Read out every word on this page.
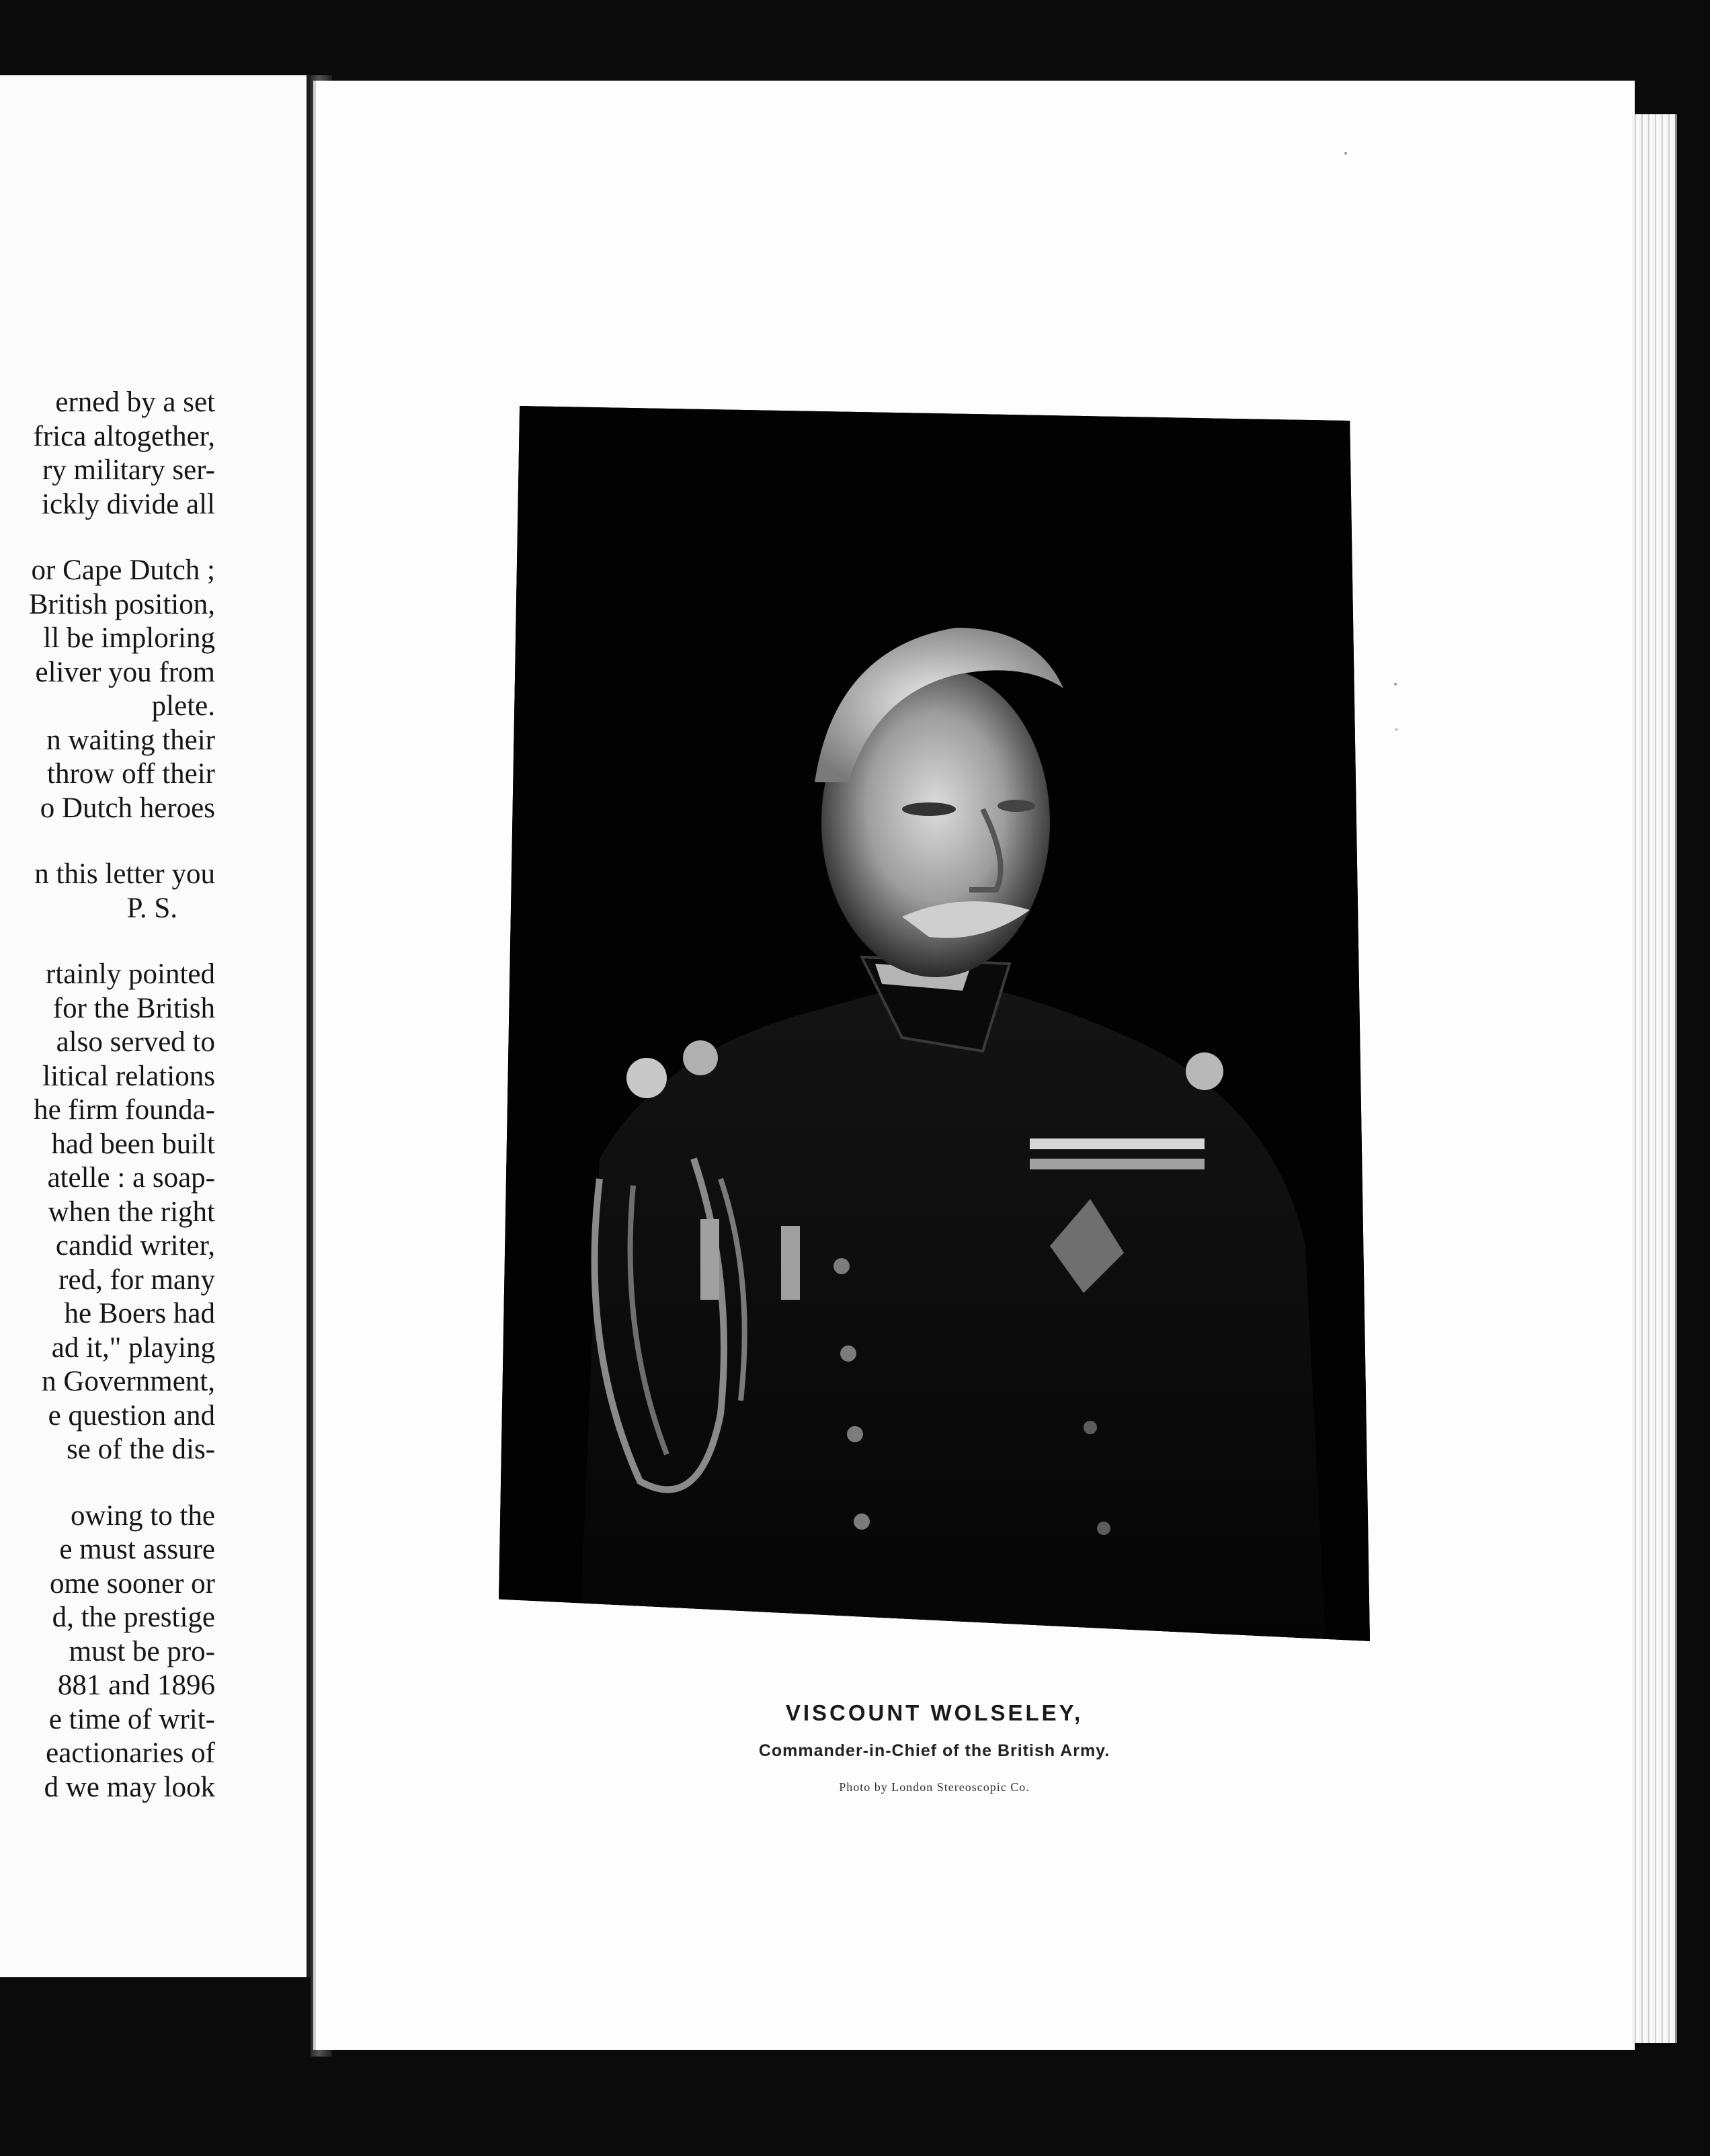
erned by a set
frica altogether,
ry military ser-
ickly divide all
or Cape Dutch ;
British position,
ll be imploring
eliver you from
plete.
n waiting their
throw off their
o Dutch heroes
n this letter you
P. S.
rtainly pointed
for the British
also served to
litical relations
he firm founda-
had been built
atelle : a soap-
when the right
candid writer,
red, for many
he Boers had
ad it," playing
n Government,
e question and
se of the dis-
owing to the
e must assure
ome sooner or
d, the prestige
must be pro-
881 and 1896
e time of writ-
eactionaries of
d we may look
VISCOUNT WOLSELEY,
Commander-in-Chief of the British Army.
Photo by London Stereoscopic Co.
